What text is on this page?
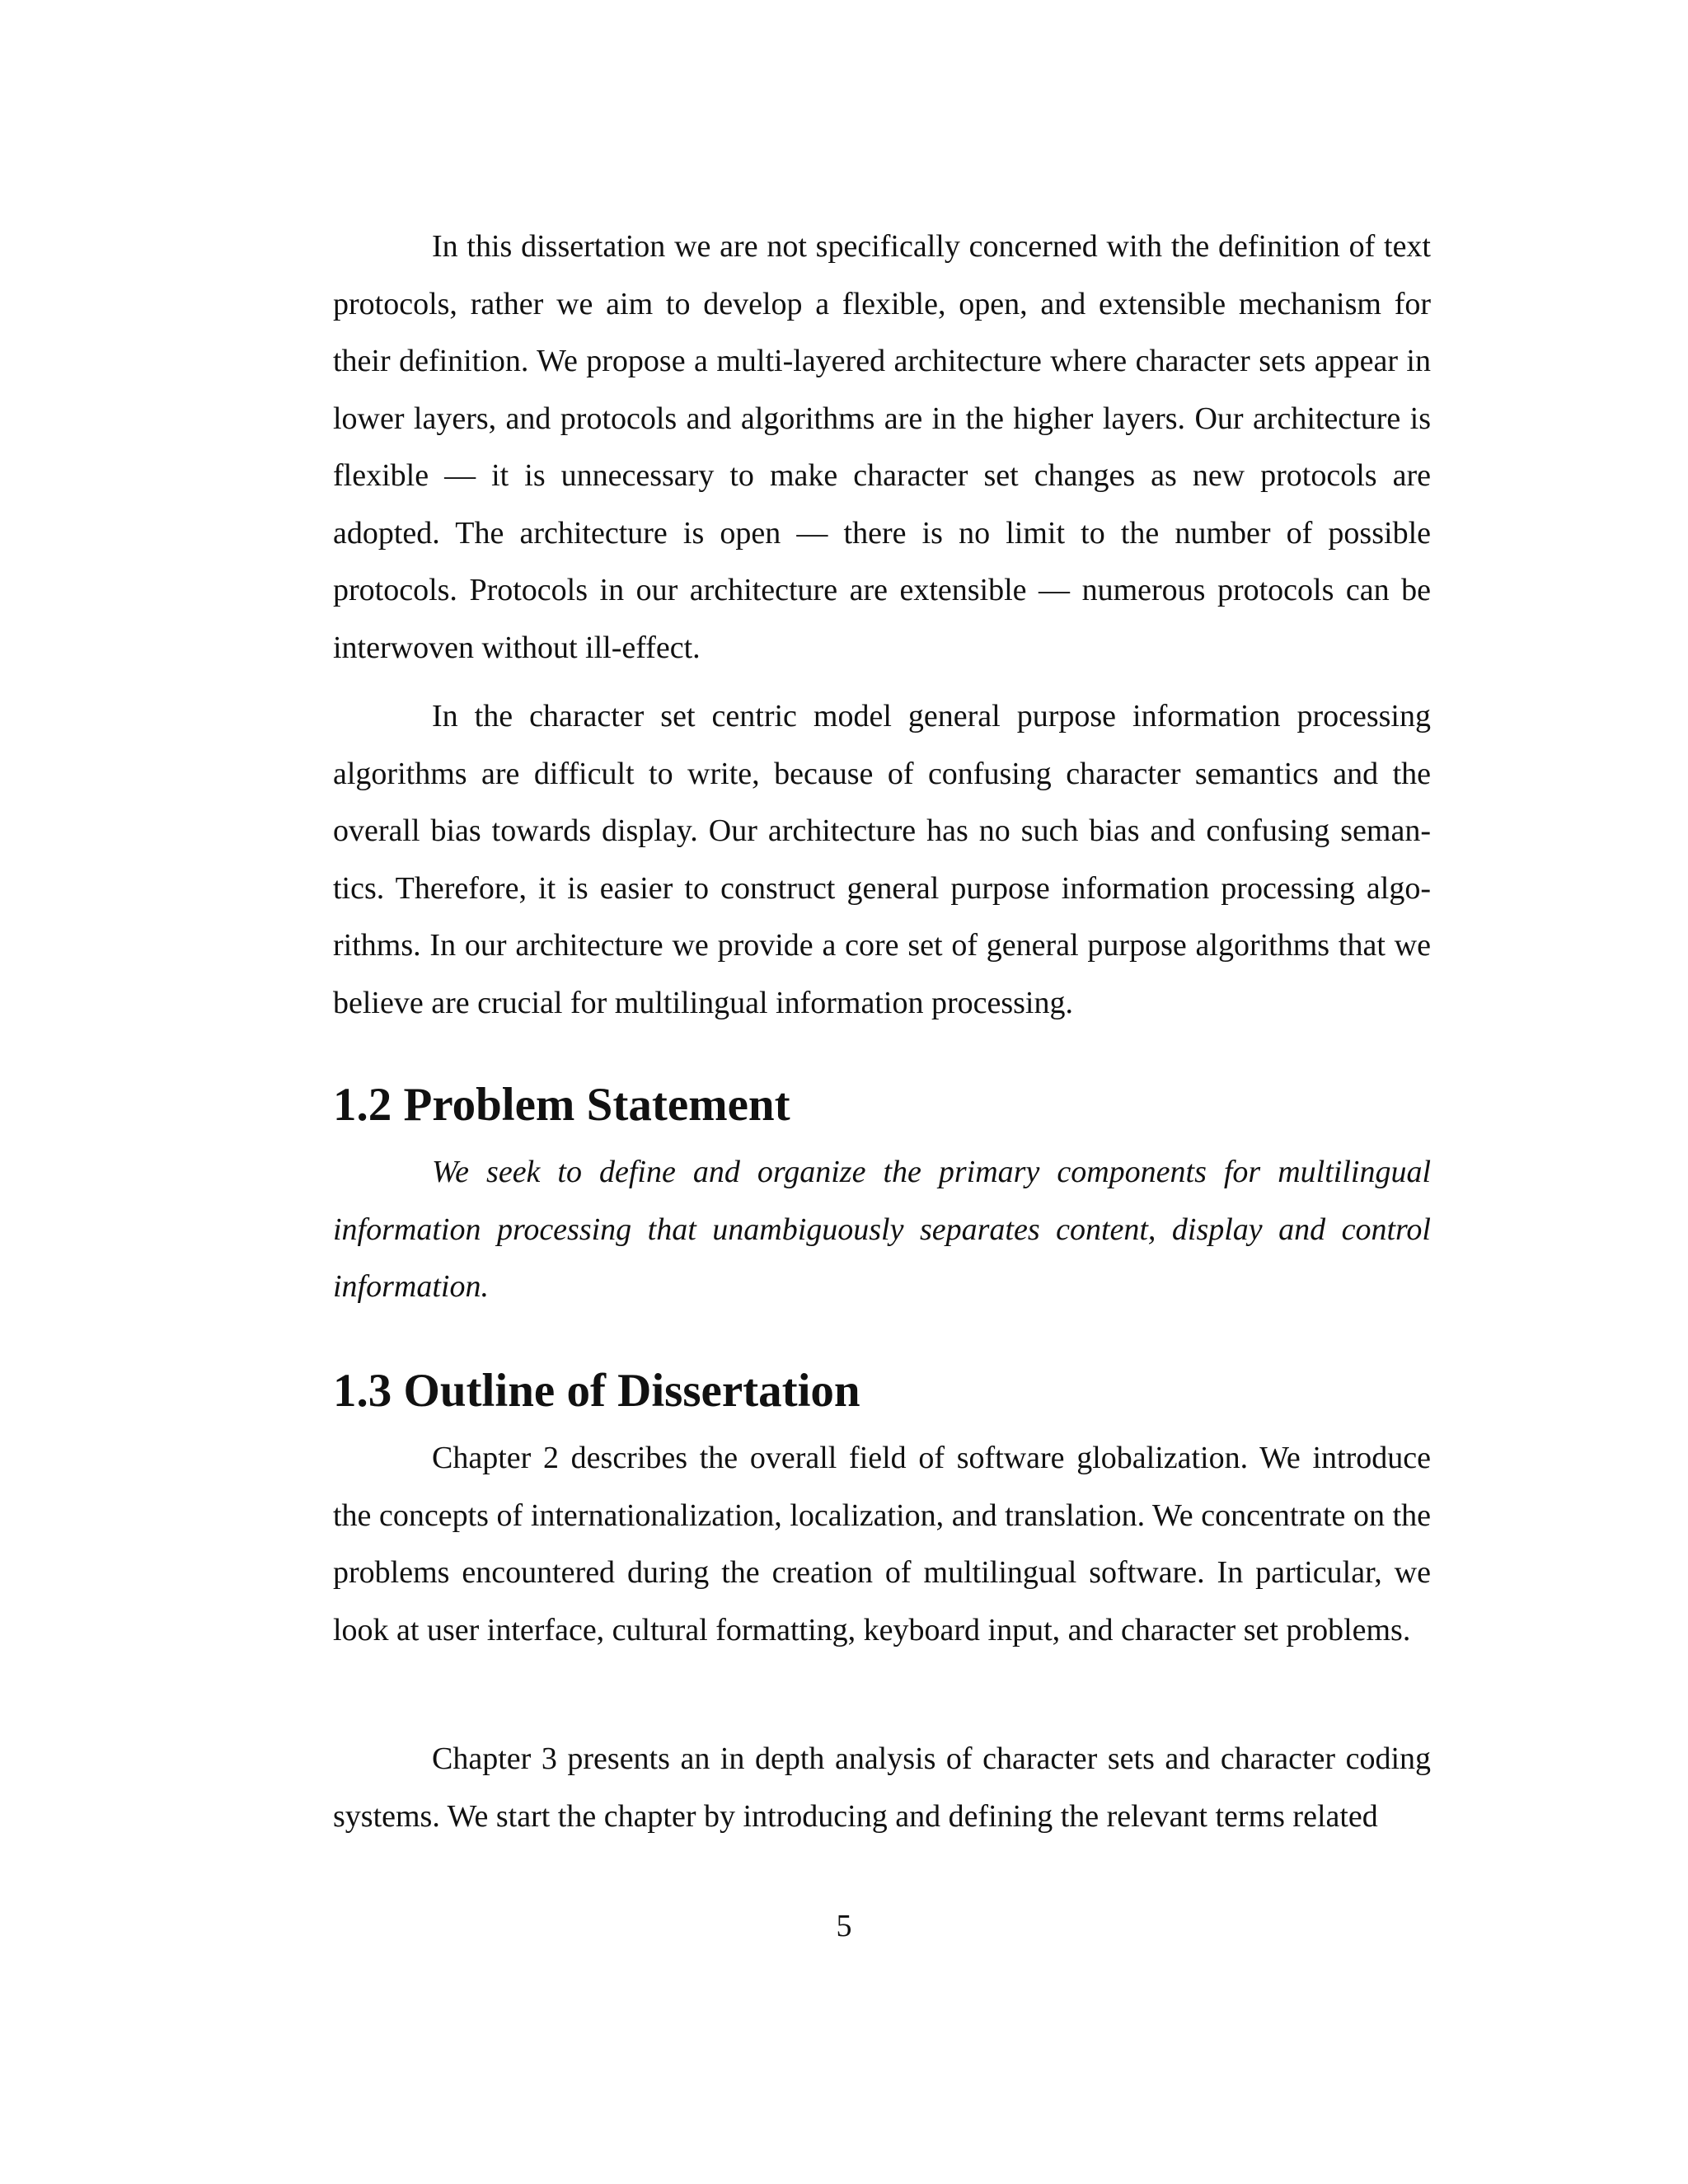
In this dissertation we are not specifically concerned with the definition of text protocols, rather we aim to develop a flexible, open, and extensible mechanism for their definition. We propose a multi-layered architecture where character sets appear in lower layers, and protocols and algorithms are in the higher layers. Our architecture is flexible — it is unnecessary to make character set changes as new protocols are adopted. The architecture is open — there is no limit to the number of possible protocols. Protocols in our architecture are extensible — numerous protocols can be interwoven without ill-effect.

In the character set centric model general purpose information processing algorithms are difficult to write, because of confusing character semantics and the overall bias towards display. Our architecture has no such bias and confusing semantics. Therefore, it is easier to construct general purpose information processing algorithms. In our architecture we provide a core set of general purpose algorithms that we believe are crucial for multilingual information processing.

1.2 Problem Statement

We seek to define and organize the primary components for multilingual information processing that unambiguously separates content, display and control information.

1.3 Outline of Dissertation

Chapter 2 describes the overall field of software globalization. We introduce the concepts of internationalization, localization, and translation. We concentrate on the problems encountered during the creation of multilingual software. In particular, we look at user interface, cultural formatting, keyboard input, and character set problems.

Chapter 3 presents an in depth analysis of character sets and character coding systems. We start the chapter by introducing and defining the relevant terms related

5
